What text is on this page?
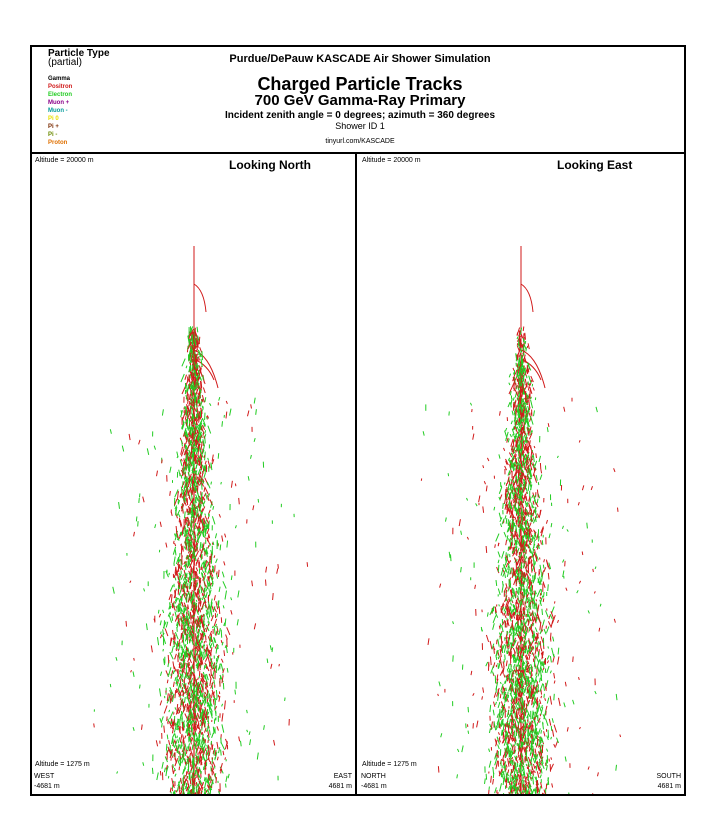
Particle Type
(partial)
Gamma
Positron
Electron
Muon +
Muon -
Pi 0
Pi +
Pi -
Proton
Purdue/DePauw KASCADE Air Shower Simulation
Charged Particle Tracks
700 GeV Gamma-Ray Primary
Incident zenith angle = 0 degrees; azimuth = 360 degrees
Shower ID 1
tinyurl.com/KASCADE
Altitude = 20000 m	Looking North
Altitude = 1275 m
WEST
-4681 m
EAST
4681 m
Altitude = 20000 m	Looking East
Altitude = 1275 m
NORTH
-4681 m
SOUTH
4681 m
